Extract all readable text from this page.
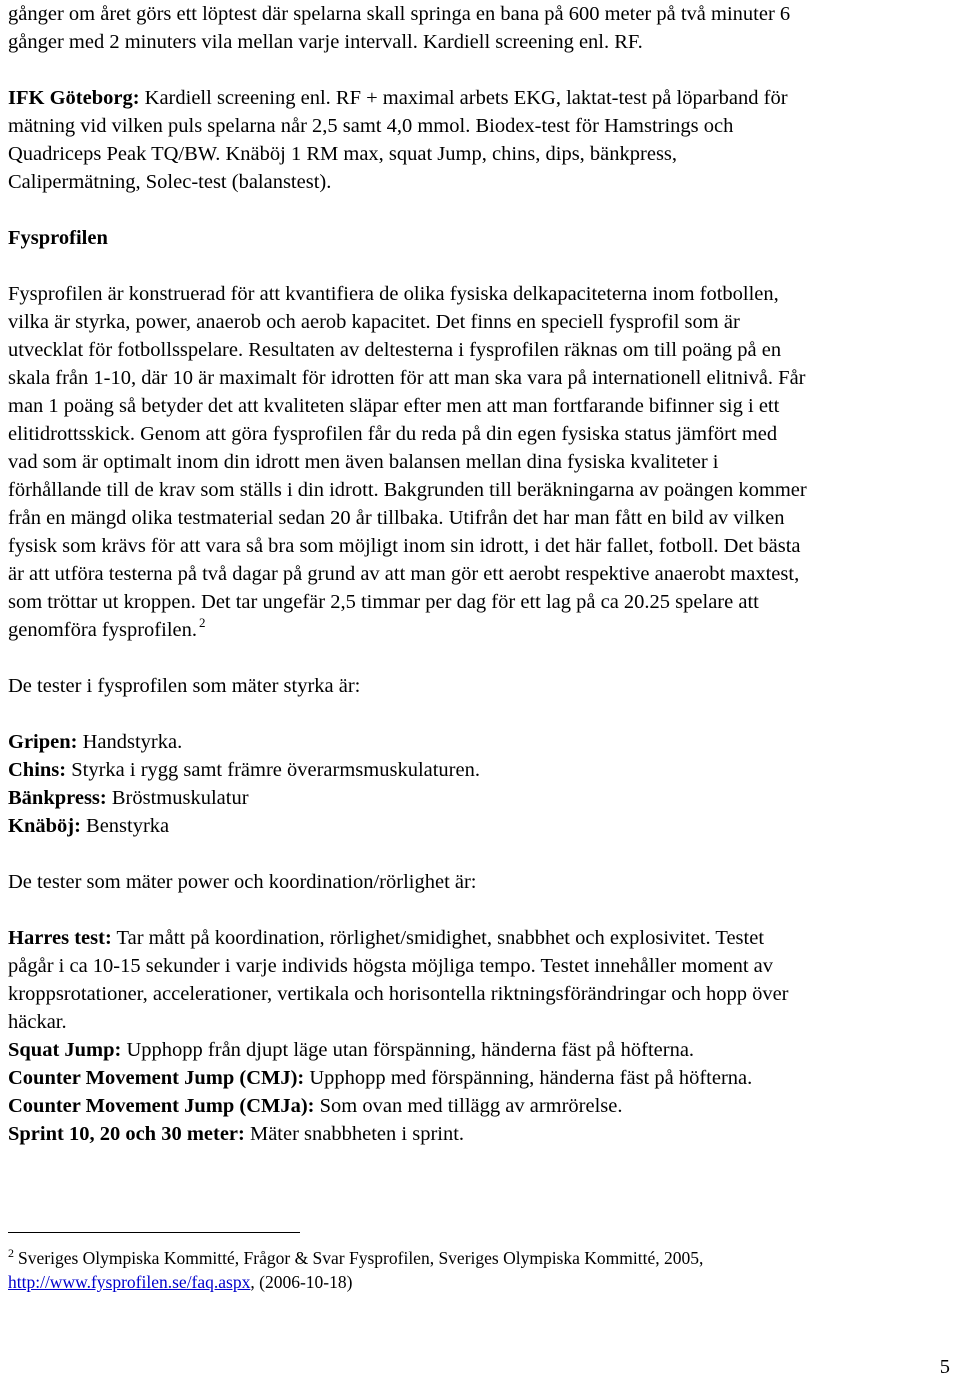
gånger om året görs ett löptest där spelarna skall springa en bana på 600 meter på två minuter 6
gånger med 2 minuters vila mellan varje intervall. Kardiell screening enl. RF.
IFK Göteborg: Kardiell screening enl. RF + maximal arbets EKG, laktat-test på löparband för
mätning vid vilken puls spelarna når 2,5 samt 4,0 mmol. Biodex-test för Hamstrings och
Quadriceps Peak TQ/BW. Knäböj 1 RM max, squat Jump, chins, dips, bänkpress,
Calipermätning, Solec-test (balanstest).
Fysprofilen
Fysprofilen är konstruerad för att kvantifiera de olika fysiska delkapaciteterna inom fotbollen,
vilka är styrka, power, anaerob och aerob kapacitet. Det finns en speciell fysprofil som är
utvecklat för fotbollsspelare. Resultaten av deltesterna i fysprofilen räknas om till poäng på en
skala från 1-10, där 10 är maximalt för idrotten för att man ska vara på internationell elitnivå. Får
man 1 poäng så betyder det att kvaliteten släpar efter men att man fortfarande bifinner sig i ett
elitidrottsskick. Genom att göra fysprofilen får du reda på din egen fysiska status jämfört med
vad som är optimalt inom din idrott men även balansen mellan dina fysiska kvaliteter i
förhållande till de krav som ställs i din idrott. Bakgrunden till beräkningarna av poängen kommer
från en mängd olika testmaterial sedan 20 år tillbaka. Utifrån det har man fått en bild av vilken
fysisk som krävs för att vara så bra som möjligt inom sin idrott, i det här fallet, fotboll. Det bästa
är att utföra testerna på två dagar på grund av att man gör ett aerobt respektive anaerobt maxtest,
som tröttar ut kroppen. Det tar ungefär 2,5 timmar per dag för ett lag på ca 20.25 spelare att
genomföra fysprofilen. $^2$
De tester i fysprofilen som mäter styrka är:
Gripen: Handstyrka.
Chins: Styrka i rygg samt främre överarmsmuskulaturen.
Bänkpress: Bröstmuskulatur
Knäböj: Benstyrka
De tester som mäter power och koordination/rörlighet är:
Harres test: Tar mått på koordination, rörlighet/smidighet, snabbhet och explosivitet. Testet
pågår i ca 10-15 sekunder i varje individs högsta möjliga tempo. Testet innehåller moment av
kroppsrotationer, accelerationer, vertikala och horisontella riktningsförändringar och hopp över
häckar.
Squat Jump: Upphopp från djupt läge utan förspänning, händerna fäst på höfterna.
Counter Movement Jump (CMJ): Upphopp med förspänning, händerna fäst på höfterna.
Counter Movement Jump (CMJa): Som ovan med tillägg av armrörelse.
Sprint 10, 20 och 30 meter: Mäter snabbheten i sprint.
$^2$ Sveriges Olympiska Kommitté, Frågor & Svar Fysprofilen, Sveriges Olympiska Kommitté, 2005,
http://www.fysprofilen.se/faq.aspx, (2006-10-18)
5
